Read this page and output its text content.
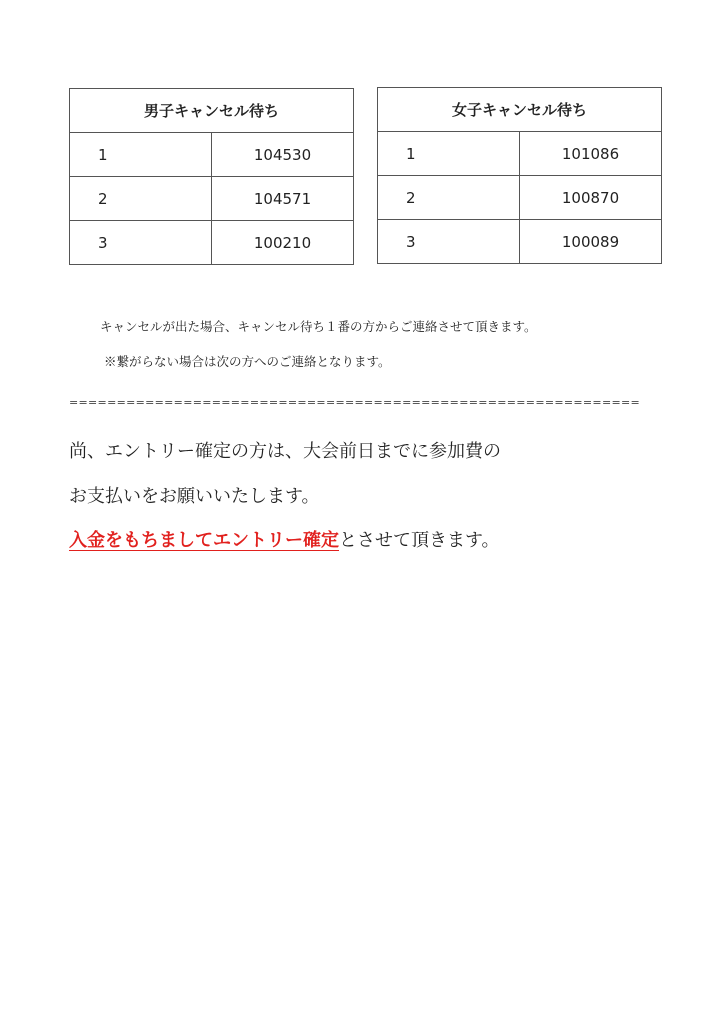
男子キャンセル待ち	
1	104530
2	104571
3	100210
女子キャンセル待ち	
1	101086
2	100870
3	100089
キャンセルが出た場合、キャンセル待ち１番の方からご連絡させて頂きます。
※繋がらない場合は次の方へのご連絡となります。
============================================================
尚、エントリー確定の方は、大会前日までに参加費の
お支払いをお願いいたします。
入金をもちましてエントリー確定とさせて頂きます。
